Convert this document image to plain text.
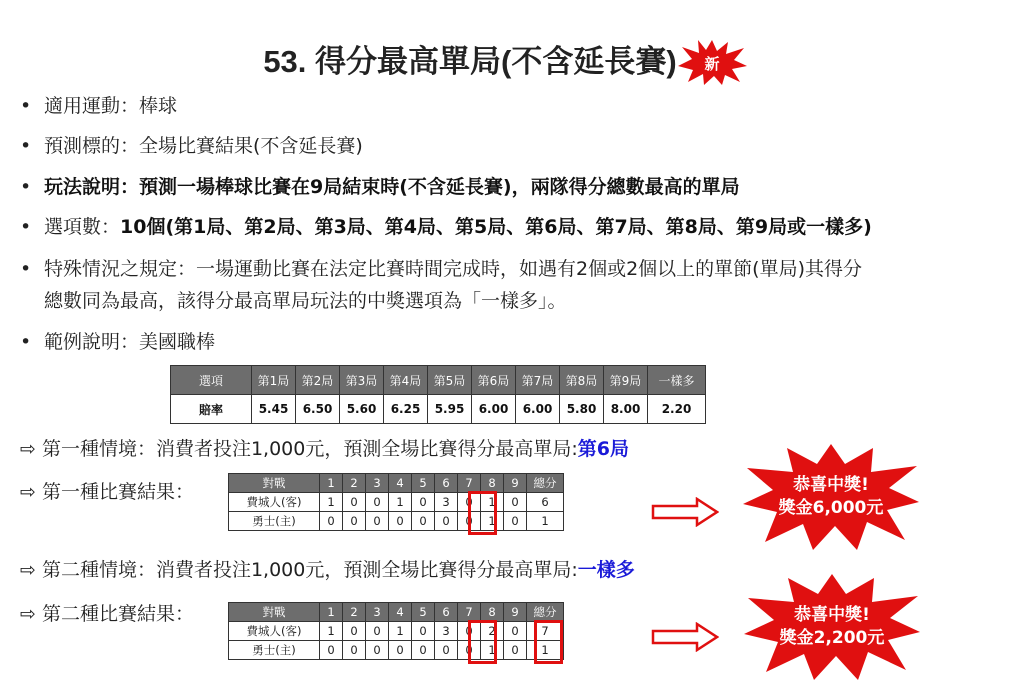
53. 得分最高單局(不含延長賽)	新
• 適用運動：棒球
• 預測標的：全場比賽結果(不含延長賽)
• 玩法說明：預測一場棒球比賽在9局結束時(不含延長賽)，兩隊得分總數最高的單局
• 選項數：10個(第1局、第2局、第3局、第4局、第5局、第6局、第7局、第8局、第9局或一樣多)
• 特殊情況之規定：一場運動比賽在法定比賽時間完成時，如遇有2個或2個以上的單節(單局)其得分
總數同為最高，該得分最高單局玩法的中獎選項為「一樣多」。
• 範例說明：美國職棒
選項	第1局	第2局	第3局	第4局	第5局	第6局	第7局	第8局	第9局	一樣多
賠率	5.45	6.50	5.60	6.25	5.95	6.00	6.00	5.80	8.00	2.20
⇨ 第一種情境：消費者投注1,000元，預測全場比賽得分最高單局:第6局
⇨ 第一種比賽結果：	對戰	1	2	3	4	5	6	7	8	9	總分
費城人(客)	1	0	0	1	0	3	0	1	0	6
勇士(主)	0	0	0	0	0	0	0	1	0	1
恭喜中獎!
獎金6,000元
⇨ 第二種情境：消費者投注1,000元，預測全場比賽得分最高單局:一樣多
⇨ 第二種比賽結果：	對戰	1	2	3	4	5	6	7	8	9	總分
費城人(客)	1	0	0	1	0	3	0	2	0	7
勇士(主)	0	0	0	0	0	0	0	1	0	1
恭喜中獎!
獎金2,200元
